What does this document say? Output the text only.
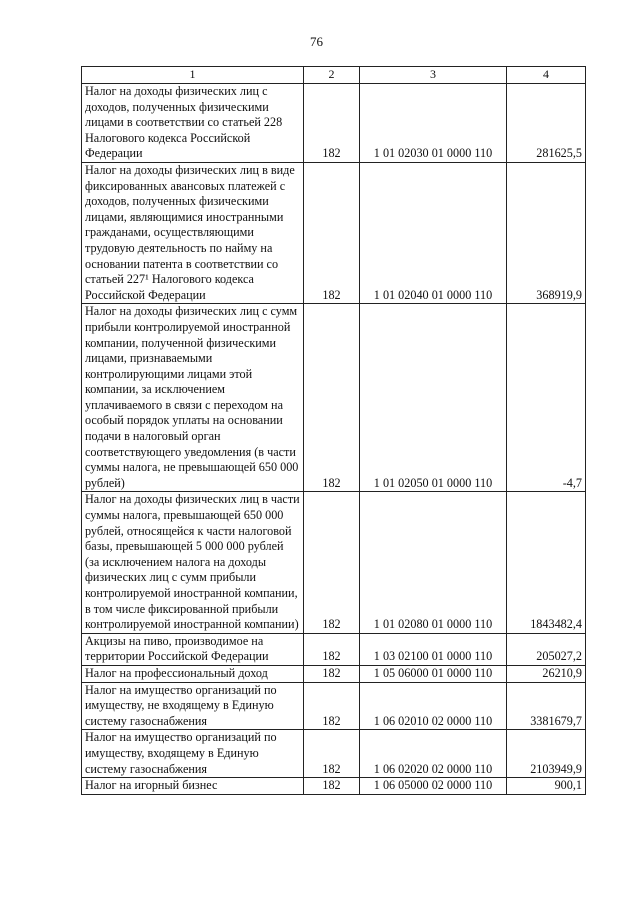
76
1	2	3	4
Налог на доходы физических лиц с доходов, полученных физическими лицами в соответствии со статьей 228 Налогового кодекса Российской Федерации	182	1 01 02030 01 0000 110	281625,5
Налог на доходы физических лиц в виде фиксированных авансовых платежей с доходов, полученных физическими лицами, являющимися иностранными гражданами, осуществляющими трудовую деятельность по найму на основании патента в соответствии со статьей 227¹ Налогового кодекса Российской Федерации	182	1 01 02040 01 0000 110	368919,9
Налог на доходы физических лиц с сумм прибыли контролируемой иностранной компании, полученной физическими лицами, признаваемыми контролирующими лицами этой компании, за исключением уплачиваемого в связи с переходом на особый порядок уплаты на основании подачи в налоговый орган соответствующего уведомления (в части суммы налога, не превышающей 650 000 рублей)	182	1 01 02050 01 0000 110	-4,7
Налог на доходы физических лиц в части суммы налога, превышающей 650 000 рублей, относящейся к части налоговой базы, превышающей 5 000 000 рублей (за исключением налога на доходы физических лиц с сумм прибыли контролируемой иностранной компании, в том числе фиксированной прибыли контролируемой иностранной компании)	182	1 01 02080 01 0000 110	1843482,4
Акцизы на пиво, производимое на территории Российской Федерации	182	1 03 02100 01 0000 110	205027,2
Налог на профессиональный доход	182	1 05 06000 01 0000 110	26210,9
Налог на имущество организаций по имуществу, не входящему в Единую систему газоснабжения	182	1 06 02010 02 0000 110	3381679,7
Налог на имущество организаций по имуществу, входящему в Единую систему газоснабжения	182	1 06 02020 02 0000 110	2103949,9
Налог на игорный бизнес	182	1 06 05000 02 0000 110	900,1
